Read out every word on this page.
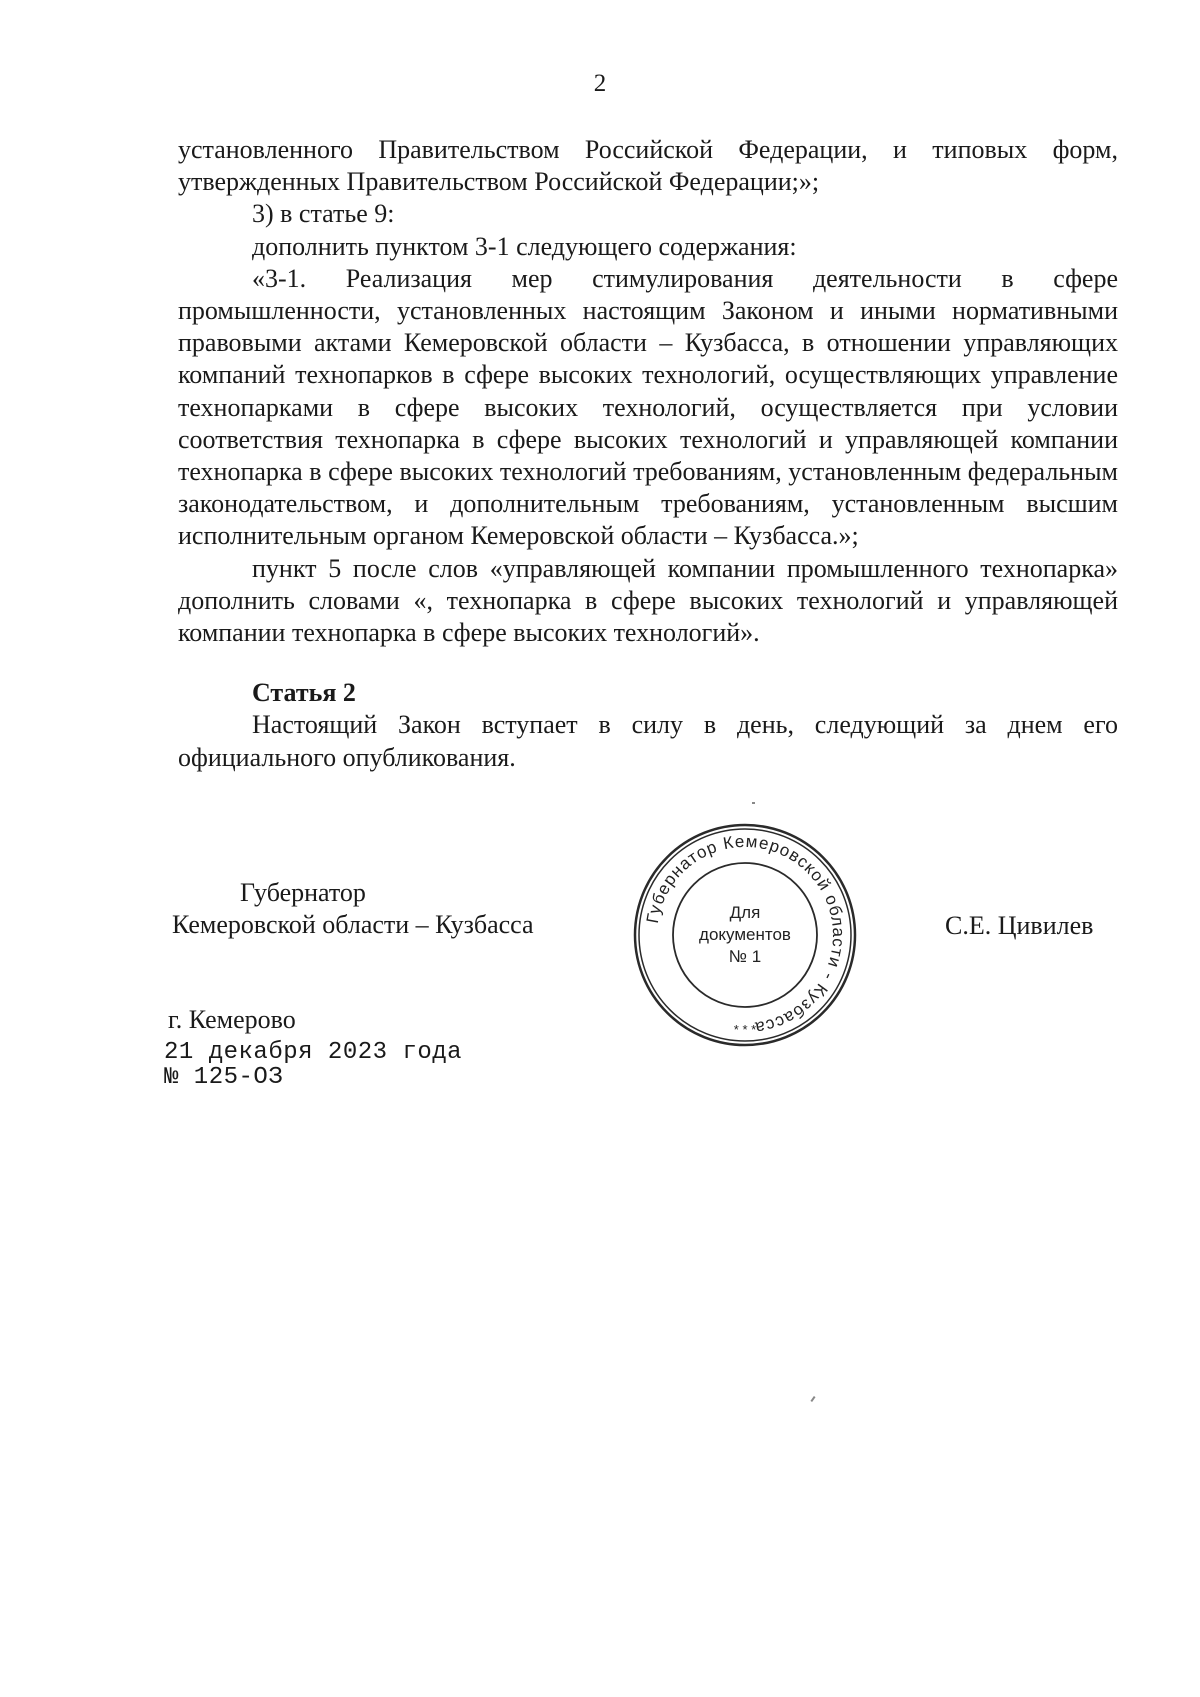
2

установленного Правительством Российской Федерации, и типовых форм, утвержденных Правительством Российской Федерации;»;

3) в статье 9:

дополнить пунктом 3-1 следующего содержания:

«3-1. Реализация мер стимулирования деятельности в сфере промышленности, установленных настоящим Законом и иными нормативными правовыми актами Кемеровской области – Кузбасса, в отношении управляющих компаний технопарков в сфере высоких технологий, осуществляющих управление технопарками в сфере высоких технологий, осуществляется при условии соответствия технопарка в сфере высоких технологий и управляющей компании технопарка в сфере высоких технологий требованиям, установленным федеральным законодательством, и дополнительным требованиям, установленным высшим исполнительным органом Кемеровской области – Кузбасса.»;

пункт 5 после слов «управляющей компании промышленного технопарка» дополнить словами «, технопарка в сфере высоких технологий и управляющей компании технопарка в сфере высоких технологий».

Статья 2

Настоящий Закон вступает в силу в день, следующий за днем его официального опубликования.

Губернатор
Кемеровской области – Кузбасса	С.Е. Цивилев
Губернатор Кемеровской области - Кузбасса
Для
документов
№ 1
* * *
г. Кемерово
21 декабря 2023 года
№ 125-ОЗ
